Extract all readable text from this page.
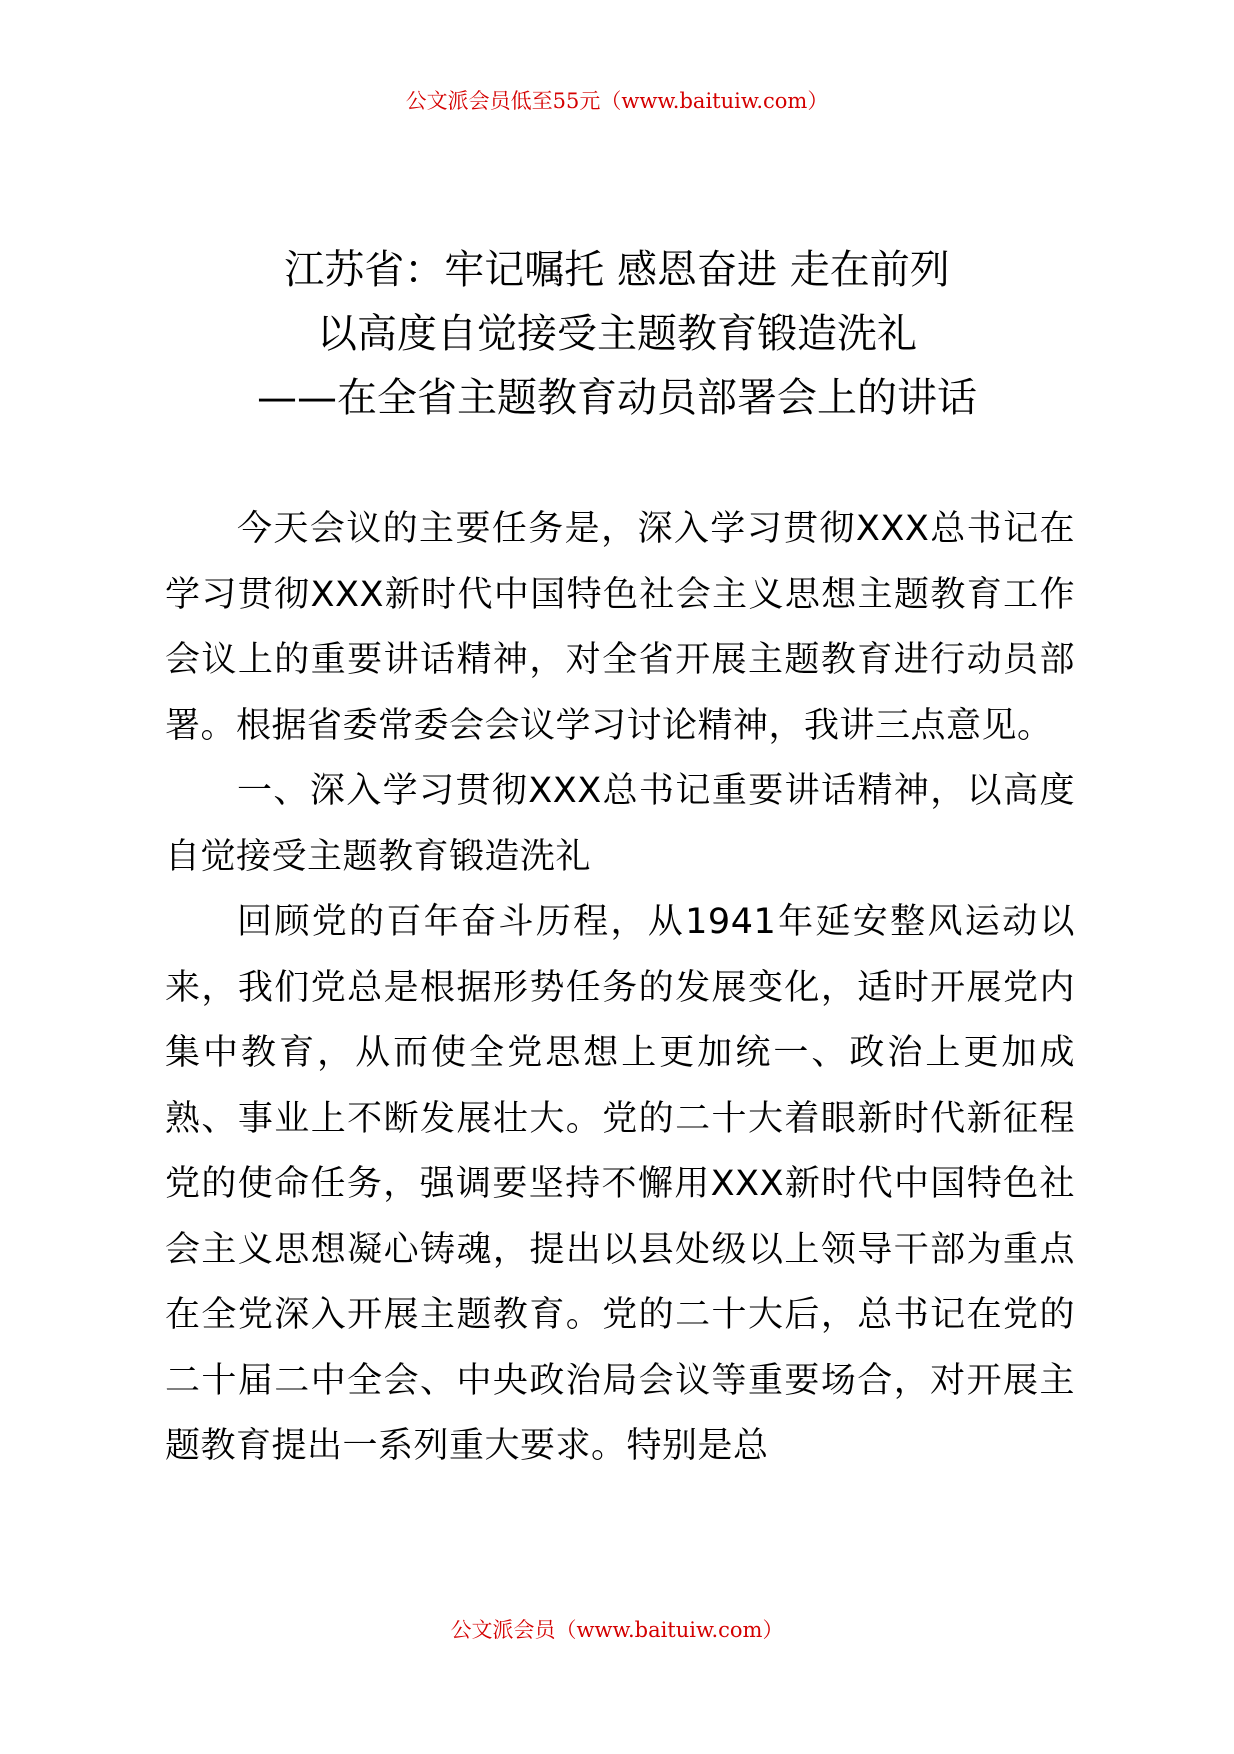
公文派会员低至55元（www.baituiw.com）
江苏省：牢记嘱托 感恩奋进 走在前列
以高度自觉接受主题教育锻造洗礼
——在全省主题教育动员部署会上的讲话

今天会议的主要任务是，深入学习贯彻XXX总书记在学习贯彻XXX新时代中国特色社会主义思想主题教育工作会议上的重要讲话精神，对全省开展主题教育进行动员部署。根据省委常委会会议学习讨论精神，我讲三点意见。

一、深入学习贯彻XXX总书记重要讲话精神，以高度自觉接受主题教育锻造洗礼

回顾党的百年奋斗历程，从1941年延安整风运动以来，我们党总是根据形势任务的发展变化，适时开展党内集中教育，从而使全党思想上更加统一、政治上更加成熟、事业上不断发展壮大。党的二十大着眼新时代新征程党的使命任务，强调要坚持不懈用XXX新时代中国特色社会主义思想凝心铸魂，提出以县处级以上领导干部为重点在全党深入开展主题教育。党的二十大后，总书记在党的二十届二中全会、中央政治局会议等重要场合，对开展主题教育提出一系列重大要求。特别是总

公文派会员（www.baituiw.com）
